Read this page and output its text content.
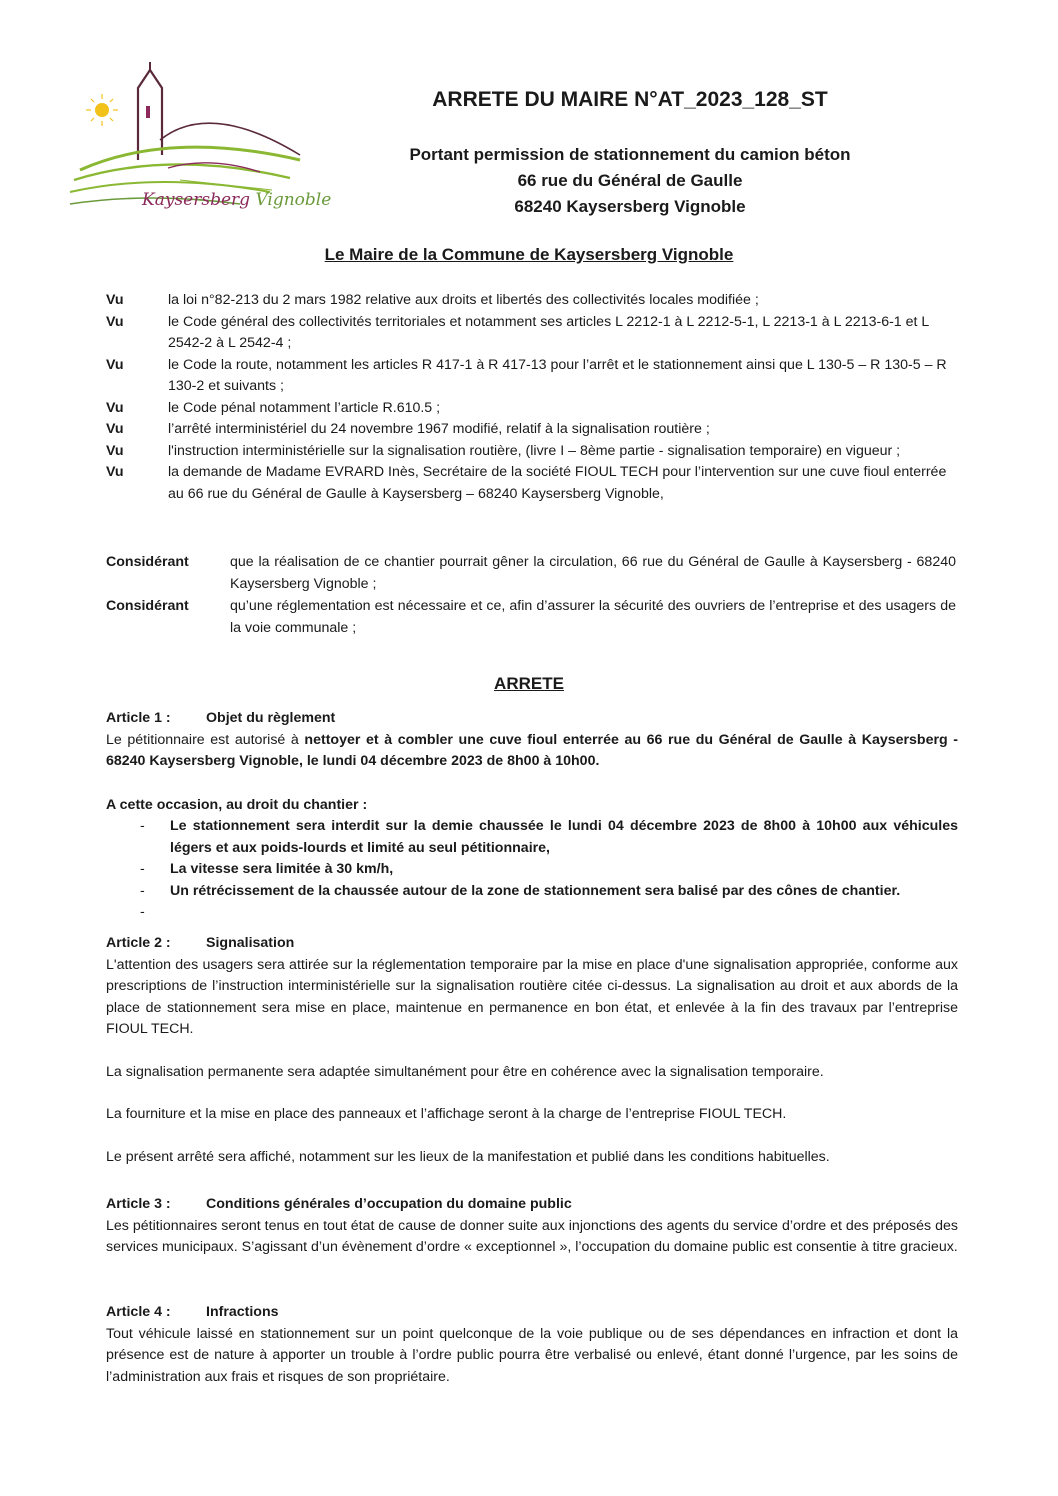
Kaysersberg Vignoble
ARRETE DU MAIRE N°AT_2023_128_ST
Portant permission de stationnement du camion béton
66 rue du Général de Gaulle
68240 Kaysersberg Vignoble
Le Maire de la Commune de Kaysersberg Vignoble
Vu	la loi n°82-213 du 2 mars 1982 relative aux droits et libertés des collectivités locales modifiée ;
Vu	le Code général des collectivités territoriales et notamment ses articles L 2212-1 à L 2212-5-1, L 2213-1 à L 2213-6-1 et L 2542-2 à L 2542-4 ;
Vu	le Code la route, notamment les articles R 417-1 à R 417-13 pour l’arrêt et le stationnement ainsi que L 130-5 – R 130-5 – R 130-2 et suivants ;
Vu	le Code pénal notamment l’article R.610.5 ;
Vu	l’arrêté interministériel du 24 novembre 1967 modifié, relatif à la signalisation routière ;
Vu	l'instruction interministérielle sur la signalisation routière, (livre I – 8ème partie - signalisation temporaire) en vigueur ;
Vu	la demande de Madame EVRARD Inès, Secrétaire de la société FIOUL TECH pour l’intervention sur une cuve fioul enterrée au 66 rue du Général de Gaulle à Kaysersberg – 68240 Kaysersberg Vignoble,
Considérant	que la réalisation de ce chantier pourrait gêner la circulation, 66 rue du Général de Gaulle à Kaysersberg - 68240 Kaysersberg Vignoble ;
Considérant	qu’une réglementation est nécessaire et ce, afin d’assurer la sécurité des ouvriers de l’entreprise et des usagers de la voie communale ;
ARRETE
Article 1 :	Objet du règlement
Le pétitionnaire est autorisé à nettoyer et à combler une cuve fioul enterrée au 66 rue du Général de Gaulle à Kaysersberg - 68240 Kaysersberg Vignoble, le lundi 04 décembre 2023 de 8h00 à 10h00.
A cette occasion, au droit du chantier :
-	Le stationnement sera interdit sur la demie chaussée le lundi 04 décembre 2023 de 8h00 à 10h00 aux véhicules légers et aux poids-lourds et limité au seul pétitionnaire,
-	La vitesse sera limitée à 30 km/h,
-	Un rétrécissement de la chaussée autour de la zone de stationnement sera balisé par des cônes de chantier.
-
Article 2 :	Signalisation
L'attention des usagers sera attirée sur la réglementation temporaire par la mise en place d'une signalisation appropriée, conforme aux prescriptions de l’instruction interministérielle sur la signalisation routière citée ci-dessus. La signalisation au droit et aux abords de la place de stationnement sera mise en place, maintenue en permanence en bon état, et enlevée à la fin des travaux par l’entreprise FIOUL TECH.
La signalisation permanente sera adaptée simultanément pour être en cohérence avec la signalisation temporaire.
La fourniture et la mise en place des panneaux et l’affichage seront à la charge de l’entreprise FIOUL TECH.
Le présent arrêté sera affiché, notamment sur les lieux de la manifestation et publié dans les conditions habituelles.
Article 3 :	Conditions générales d’occupation du domaine public
Les pétitionnaires seront tenus en tout état de cause de donner suite aux injonctions des agents du service d’ordre et des préposés des services municipaux. S’agissant d’un évènement d’ordre « exceptionnel », l’occupation du domaine public est consentie à titre gracieux.
Article 4 :	Infractions
Tout véhicule laissé en stationnement sur un point quelconque de la voie publique ou de ses dépendances en infraction et dont la présence est de nature à apporter un trouble à l’ordre public pourra être verbalisé ou enlevé, étant donné l’urgence, par les soins de l’administration aux frais et risques de son propriétaire.
